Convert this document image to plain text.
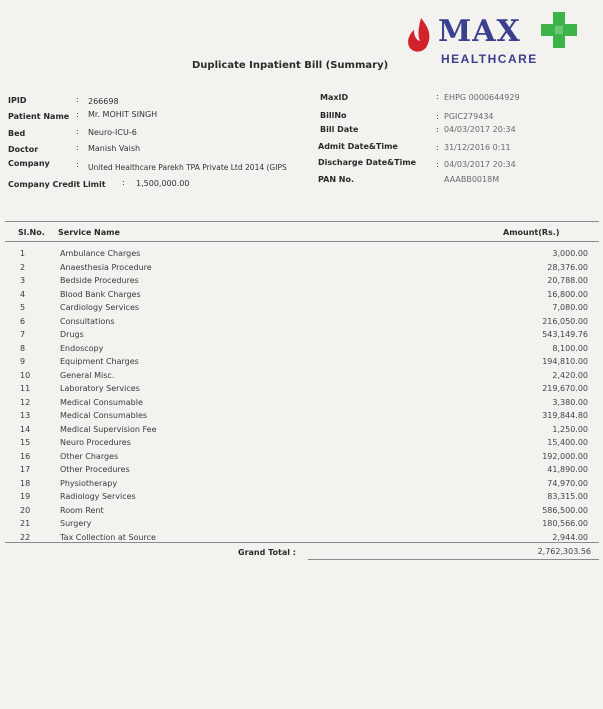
MAX
HEALTHCARE
Duplicate Inpatient Bill (Summary)
IPID	: 266698
Patient Name : Mr. MOHIT SINGH
Bed	: Neuro-ICU-6
Doctor	: Manish Vaish
Company	: United Healthcare Parekh TPA Private Ltd 2014 (GIPS
Company Credit Limit : 1,500,000.00
MaxID	: EHPG 0000644929
BillNo	: PGIC279434
Bill Date	: 04/03/2017 20:34
Admit Date&Time	: 31/12/2016 0:11
Discharge Date&Time : 04/03/2017 20:34
PAN No.	AAABB0018M
Sl.No. Service Name	Amount(Rs.)
1	Ambulance Charges	3,000.00
2	Anaesthesia Procedure	28,376.00
3	Bedside Procedures	20,788.00
4	Blood Bank Charges	16,800.00
5	Cardiology Services	7,080.00
6	Consultations	216,050.00
7	Drugs	543,149.76
8	Endoscopy	8,100.00
9	Equipment Charges	194,810.00
10	General Misc.	2,420.00
11	Laboratory Services	219,670.00
12	Medical Consumable	3,380.00
13	Medical Consumables	319,844.80
14	Medical Supervision Fee	1,250.00
15	Neuro Procedures	15,400.00
16	Other Charges	192,000.00
17	Other Procedures	41,890.00
18	Physiotherapy	74,970.00
19	Radiology Services	83,315.00
20	Room Rent	586,500.00
21	Surgery	180,566.00
22	Tax Collection at Source	2,944.00
Grand Total :	2,762,303.56
